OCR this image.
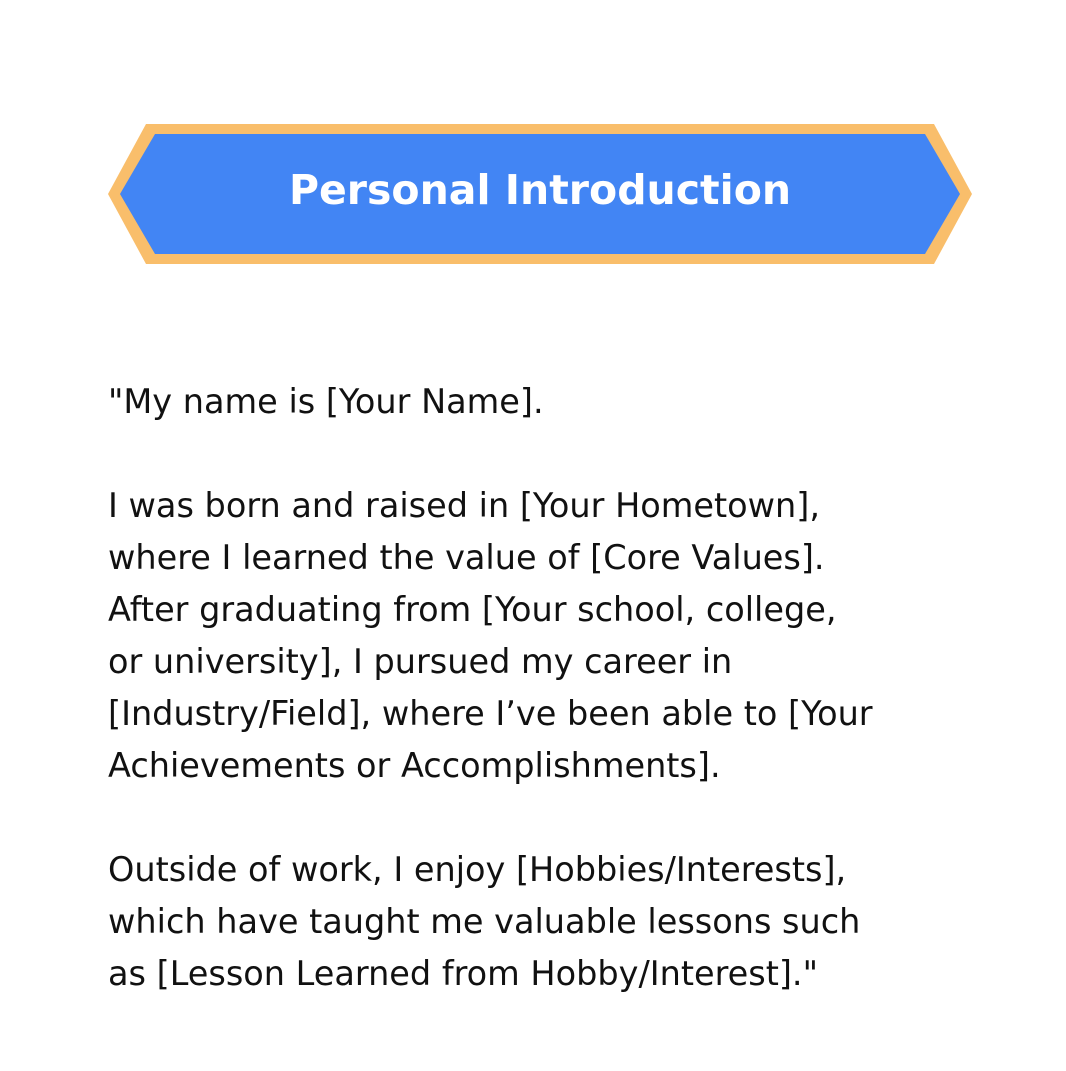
Personal Introduction

"My name is [Your Name].

I was born and raised in [Your Hometown],
where I learned the value of [Core Values].
After graduating from [Your school, college,
or university], I pursued my career in
[Industry/Field], where I’ve been able to [Your
Achievements or Accomplishments].

Outside of work, I enjoy [Hobbies/Interests],
which have taught me valuable lessons such
as [Lesson Learned from Hobby/Interest]."
